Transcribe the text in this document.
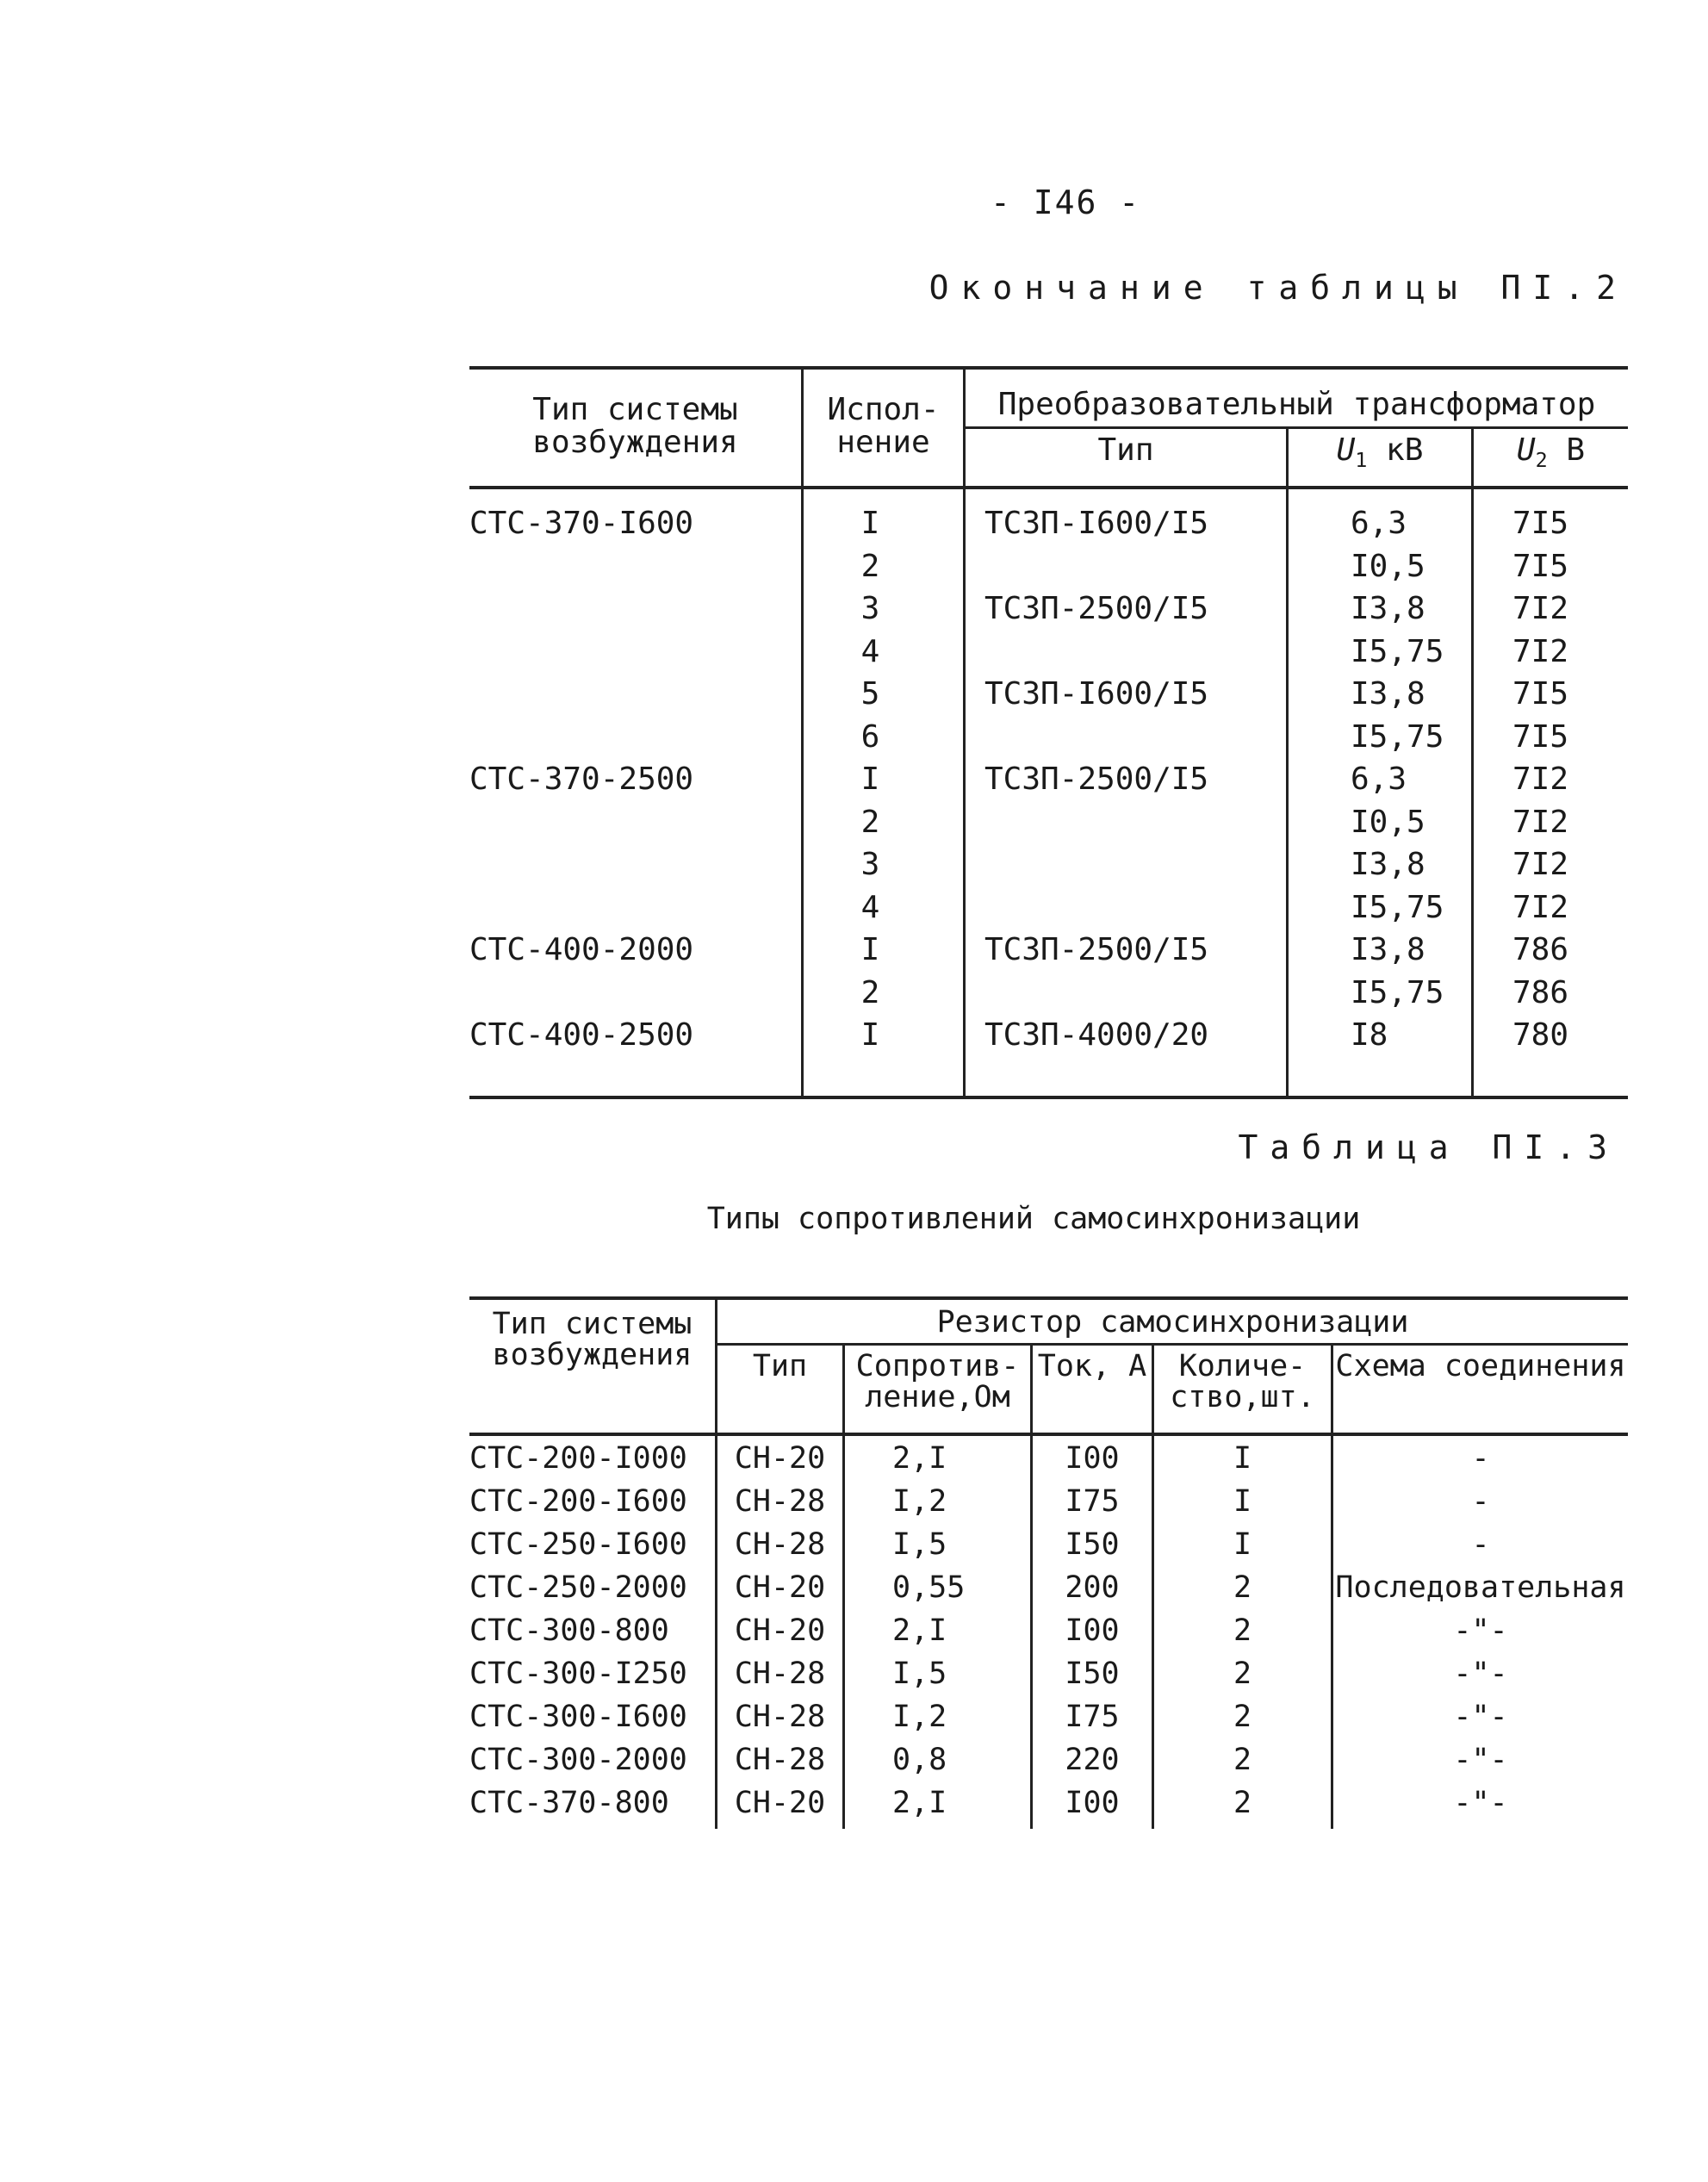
- I46 -
Окончание таблицы ПI.2
Тип системы возбуждения	Испол-нение	Преобразовательный трансформатор		
		Тип	$U_1$ кВ	$U_2$ В
СТС-370-I600	I	ТСЗП-I600/I5	6,3	7I5
	2		I0,5	7I5
	3	ТСЗП-2500/I5	I3,8	7I2
	4		I5,75	7I2
	5	ТСЗП-I600/I5	I3,8	7I5
	6		I5,75	7I5
СТС-370-2500	I	ТСЗП-2500/I5	6,3	7I2
	2		I0,5	7I2
	3		I3,8	7I2
	4		I5,75	7I2
СТС-400-2000	I	ТСЗП-2500/I5	I3,8	786
	2		I5,75	786
СТС-400-2500	I	ТСЗП-4000/20	I8	780
Таблица ПI.3
Типы сопротивлений самосинхронизации
Тип системы возбуждения	Резистор самосинхронизации				
	Тип	Сопротив-ление,Ом	Ток, А	Количе-ство,шт.	Схема соединения
СТС-200-I000	СН-20	2,I	I00	I	-
СТС-200-I600	СН-28	I,2	I75	I	-
СТС-250-I600	СН-28	I,5	I50	I	-
СТС-250-2000	СН-20	0,55	200	2	Последовательная
СТС-300-800	СН-20	2,I	I00	2	-"-
СТС-300-I250	СН-28	I,5	I50	2	-"-
СТС-300-I600	СН-28	I,2	I75	2	-"-
СТС-300-2000	СН-28	0,8	220	2	-"-
СТС-370-800	СН-20	2,I	I00	2	-"-
